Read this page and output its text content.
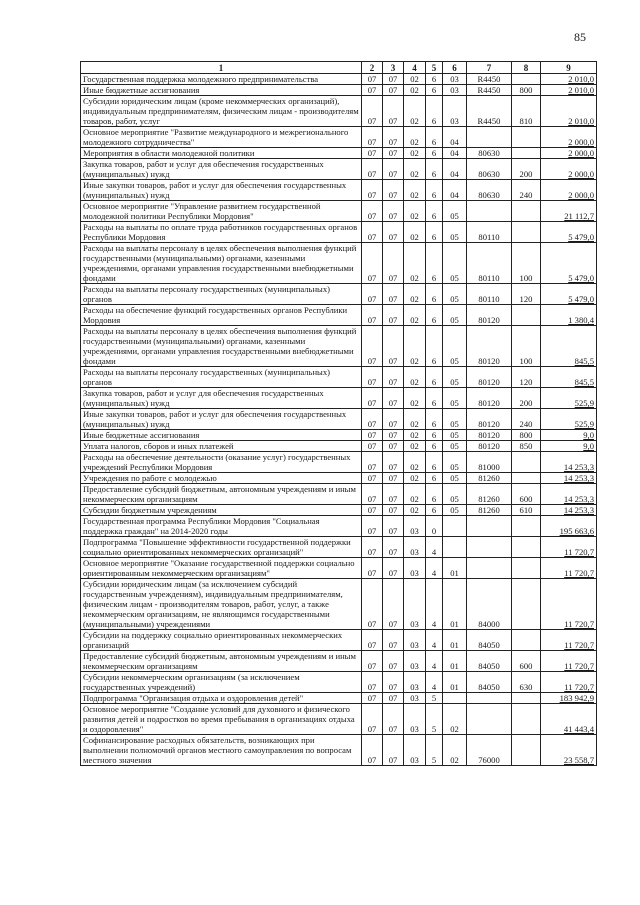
85
1	2	3	4	5	6	7	8	9
Государственная поддержка молодежного предпринимательства	07	07	02	6	03	R4450		2 010,0
Иные бюджетные ассигнования	07	07	02	6	03	R4450	800	2 010,0
Субсидии юридическим лицам (кроме некоммерческих организаций), индивидуальным предпринимателям, физическим лицам - производителям товаров, работ, услуг	07	07	02	6	03	R4450	810	2 010,0
Основное мероприятие "Развитие международного и межрегионального молодежного сотрудничества"	07	07	02	6	04			2 000,0
Мероприятия в области молодежной политики	07	07	02	6	04	80630		2 000,0
Закупка товаров, работ и услуг для обеспечения государственных (муниципальных) нужд	07	07	02	6	04	80630	200	2 000,0
Иные закупки товаров, работ и услуг для обеспечения государственных (муниципальных) нужд	07	07	02	6	04	80630	240	2 000,0
Основное мероприятие "Управление развитием государственной молодежной политики Республики Мордовия"	07	07	02	6	05			21 112,7
Расходы на выплаты по оплате труда работников государственных органов Республики Мордовия	07	07	02	6	05	80110		5 479,0
Расходы на выплаты персоналу в целях обеспечения выполнения функций государственными (муниципальными) органами, казенными учреждениями, органами управления государственными внебюджетными фондами	07	07	02	6	05	80110	100	5 479,0
Расходы на выплаты персоналу государственных (муниципальных) органов	07	07	02	6	05	80110	120	5 479,0
Расходы на обеспечение функций государственных органов Республики Мордовия	07	07	02	6	05	80120		1 380,4
Расходы на выплаты персоналу в целях обеспечения выполнения функций государственными (муниципальными) органами, казенными учреждениями, органами управления государственными внебюджетными фондами	07	07	02	6	05	80120	100	845,5
Расходы на выплаты персоналу государственных (муниципальных) органов	07	07	02	6	05	80120	120	845,5
Закупка товаров, работ и услуг для обеспечения государственных (муниципальных) нужд	07	07	02	6	05	80120	200	525,9
Иные закупки товаров, работ и услуг для обеспечения государственных (муниципальных) нужд	07	07	02	6	05	80120	240	525,9
Иные бюджетные ассигнования	07	07	02	6	05	80120	800	9,0
Уплата налогов, сборов и иных платежей	07	07	02	6	05	80120	850	9,0
Расходы на обеспечение деятельности (оказание услуг) государственных учреждений Республики Мордовия	07	07	02	6	05	81000		14 253,3
Учреждения по работе с молодежью	07	07	02	6	05	81260		14 253,3
Предоставление субсидий бюджетным, автономным учреждениям и иным некоммерческим организациям	07	07	02	6	05	81260	600	14 253,3
Субсидии бюджетным учреждениям	07	07	02	6	05	81260	610	14 253,3
Государственная программа Республики Мордовия "Социальная поддержка граждан" на 2014-2020 годы	07	07	03	0				195 663,6
Подпрограмма "Повышение эффективности государственной поддержки социально ориентированных некоммерческих организаций"	07	07	03	4				11 720,7
Основное мероприятие "Оказание государственной поддержки социально ориентированным некоммерческим организациям"	07	07	03	4	01			11 720,7
Субсидии юридическим лицам (за исключением субсидий государственным учреждениям), индивидуальным предпринимателям, физическим лицам - производителям товаров, работ, услуг, а также некоммерческим организациям, не являющимся государственными (муниципальными) учреждениями	07	07	03	4	01	84000		11 720,7
Субсидии на поддержку социально ориентированных некоммерческих организаций	07	07	03	4	01	84050		11 720,7
Предоставление субсидий бюджетным, автономным учреждениям и иным некоммерческим организациям	07	07	03	4	01	84050	600	11 720,7
Субсидии некоммерческим организациям (за исключением государственных учреждений)	07	07	03	4	01	84050	630	11 720,7
Подпрограмма "Организация отдыха и оздоровления детей"	07	07	03	5				183 942,9
Основное мероприятие "Создание условий для духовного и физического развития детей и подростков во время пребывания в организациях отдыха и оздоровления"	07	07	03	5	02			41 443,4
Софинансирование расходных обязательств, возникающих при выполнении полномочий органов местного самоуправления по вопросам местного значения	07	07	03	5	02	76000		23 558,7
